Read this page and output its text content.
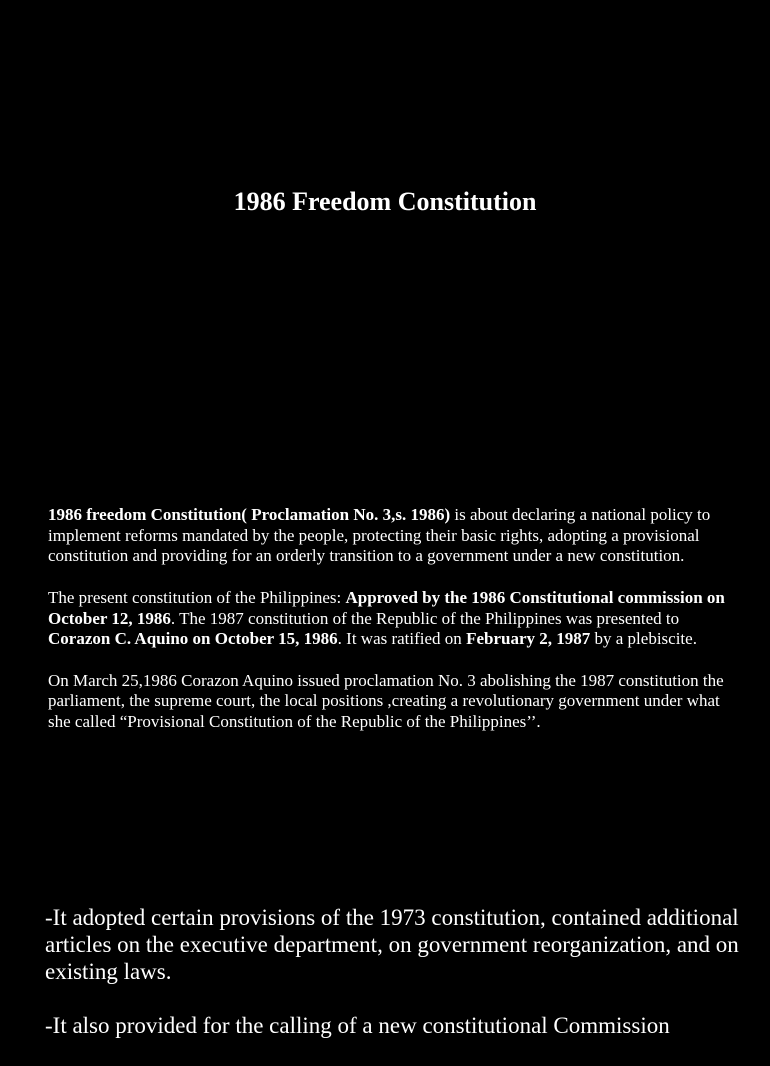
1986 Freedom Constitution

1986 freedom Constitution( Proclamation No. 3,s. 1986) is about declaring a national policy to implement reforms mandated by the people, protecting their basic rights, adopting a provisional constitution and providing for an orderly transition to a government under a new constitution.

The present constitution of the Philippines: Approved by the 1986 Constitutional commission on October 12, 1986. The 1987 constitution of the Republic of the Philippines was presented to Corazon C. Aquino on October 15, 1986. It was ratified on February 2, 1987 by a plebiscite.

On March 25,1986 Corazon Aquino issued proclamation No. 3 abolishing the 1987 constitution the parliament, the supreme court, the local positions ,creating a revolutionary government under what she called “Provisional Constitution of the Republic of the Philippines’’.

-It adopted certain provisions of the 1973 constitution, contained additional articles on the executive department, on government reorganization, and on existing laws.

-It also provided for the calling of a new constitutional Commission
